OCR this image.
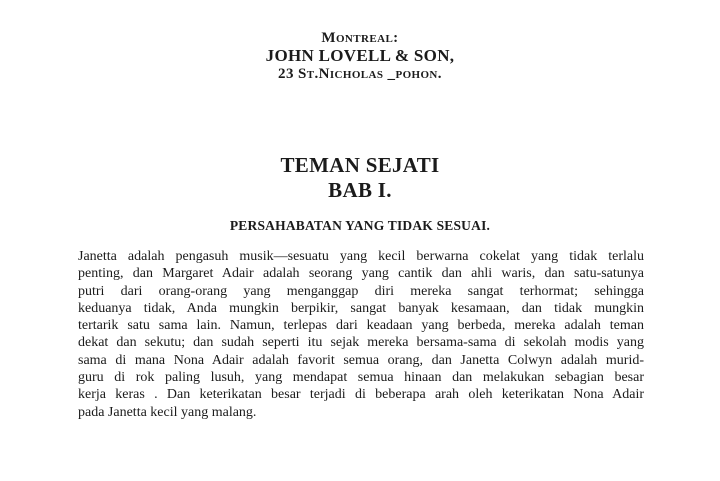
Montreal:
JOHN LOVELL & SON,
23 St.Nicholas _pohon.
TEMAN SEJATI
BAB I.
PERSAHABATAN YANG TIDAK SESUAI.
Janetta adalah pengasuh musik—sesuatu yang kecil berwarna cokelat yang tidak terlalu
penting, dan Margaret Adair adalah seorang yang cantik dan ahli waris, dan satu-satunya
putri dari orang-orang yang menganggap diri mereka sangat terhormat; sehingga
keduanya tidak, Anda mungkin berpikir, sangat banyak kesamaan, dan tidak mungkin
tertarik satu sama lain. Namun, terlepas dari keadaan yang berbeda, mereka adalah teman
dekat dan sekutu; dan sudah seperti itu sejak mereka bersama-sama di sekolah modis yang
sama di mana Nona Adair adalah favorit semua orang, dan Janetta Colwyn adalah murid-
guru di rok paling lusuh, yang mendapat semua hinaan dan melakukan sebagian besar
kerja keras . Dan keterikatan besar terjadi di beberapa arah oleh keterikatan Nona Adair
pada Janetta kecil yang malang.
